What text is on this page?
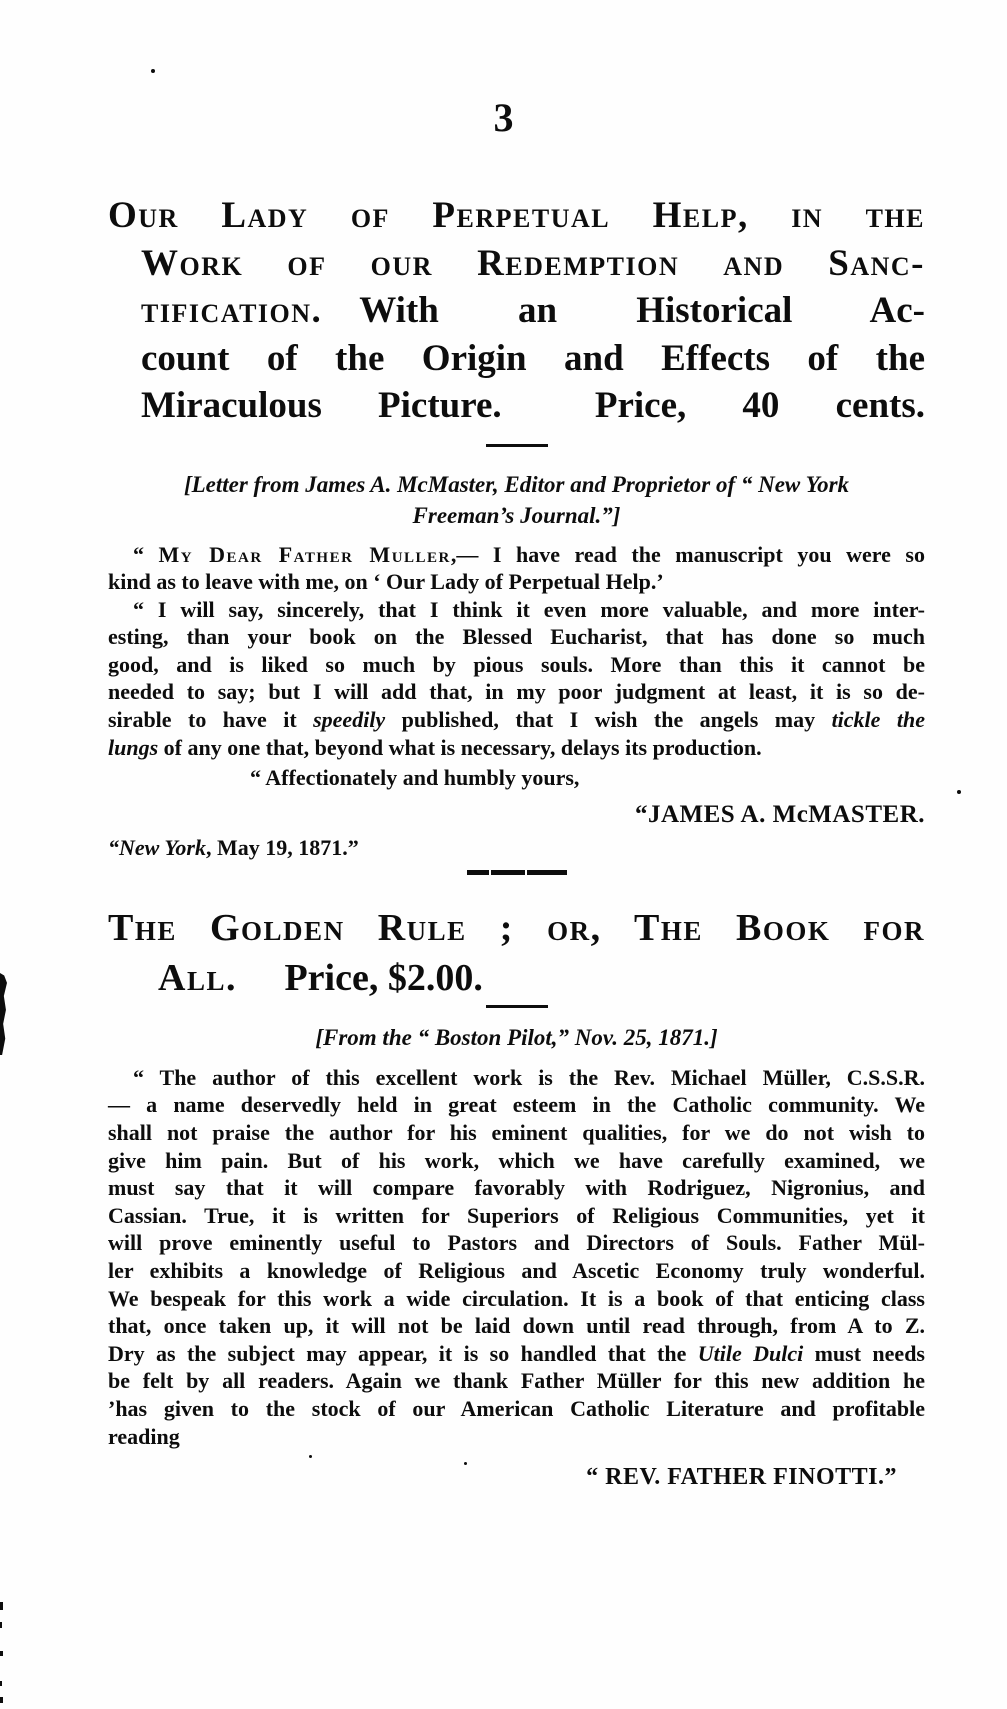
3
Our Lady of Perpetual Help, in the
Work of our Redemption and Sanc-
tification. With an Historical Ac-
count of the Origin and Effects of the
Miraculous Picture.  Price, 40 cents.
[Letter from James A. McMaster, Editor and Proprietor of “ New York
Freeman’s Journal.”]
“ My Dear Father Muller,— I have read the manuscript you were so
kind as to leave with me, on ‘ Our Lady of Perpetual Help.’
“ I will say, sincerely, that I think it even more valuable, and more inter-
esting, than your book on the Blessed Eucharist, that has done so much
good, and is liked so much by pious souls. More than this it cannot be
needed to say; but I will add that, in my poor judgment at least, it is so de-
sirable to have it speedily published, that I wish the angels may tickle the
lungs of any one that, beyond what is necessary, delays its production.
“ Affectionately and humbly yours,
“JAMES A. McMASTER.
“New York, May 19, 1871.”
The Golden Rule ; or, The Book for
All.  Price, $2.00.
[From the “ Boston Pilot,” Nov. 25, 1871.]
“ The author of this excellent work is the Rev. Michael Müller, C.S.S.R.
— a name deservedly held in great esteem in the Catholic community. We
shall not praise the author for his eminent qualities, for we do not wish to
give him pain. But of his work, which we have carefully examined, we
must say that it will compare favorably with Rodriguez, Nigronius, and
Cassian. True, it is written for Superiors of Religious Communities, yet it
will prove eminently useful to Pastors and Directors of Souls. Father Mül-
ler exhibits a knowledge of Religious and Ascetic Economy truly wonderful.
We bespeak for this work a wide circulation. It is a book of that enticing class
that, once taken up, it will not be laid down until read through, from A to Z.
Dry as the subject may appear, it is so handled that the Utile Dulci must needs
be felt by all readers. Again we thank Father Müller for this new addition he
’has given to the stock of our American Catholic Literature and profitable
reading
“ REV. FATHER FINOTTI.”
